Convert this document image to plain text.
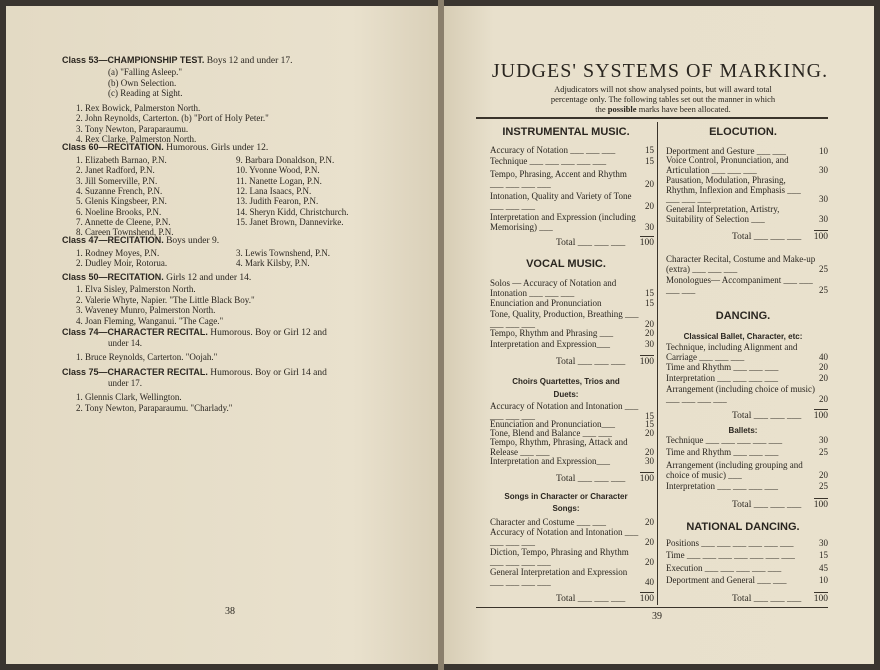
Class 53—CHAMPIONSHIP TEST. Boys 12 and under 17.
(a) "Falling Asleep."
(b) Own Selection.
(c) Reading at Sight.
1. Rex Bowick, Palmerston North.
2. John Reynolds, Carterton. (b) "Port of Holy Peter."
3. Tony Newton, Paraparaumu.
4. Rex Clarke, Palmerston North.
Class 60—RECITATION. Humorous. Girls under 12.
1. Elizabeth Barnao, P.N.
2. Janet Radford, P.N.
3. Jill Somerville, P.N.
4. Suzanne French, P.N.
5. Glenis Kingsbeer, P.N.
6. Noeline Brooks, P.N.
7. Annette de Cleene, P.N.
8. Careen Townshend, P.N.
9. Barbara Donaldson, P.N.
10. Yvonne Wood, P.N.
11. Nanette Logan, P.N.
12. Lana Isaacs, P.N.
13. Judith Fearon, P.N.
14. Sheryn Kidd, Christchurch.
15. Janet Brown, Dannevirke.
Class 47—RECITATION. Boys under 9.
1. Rodney Moyes, P.N.
2. Dudley Moir, Rotorua.
3. Lewis Townshend, P.N.
4. Mark Kilsby, P.N.
Class 50—RECITATION. Girls 12 and under 14.
1. Elva Sisley, Palmerston North.
2. Valerie Whyte, Napier. "The Little Black Boy."
3. Waveney Munro, Palmerston North.
4. Joan Fleming, Wanganui. "The Cage."
Class 74—CHARACTER RECITAL. Humorous. Boy or Girl 12 and
under 14.
1. Bruce Reynolds, Carterton. "Oojah."
Class 75—CHARACTER RECITAL. Humorous. Boy or Girl 14 and
under 17.
1. Glennis Clark, Wellington.
2. Tony Newton, Paraparaumu. "Charlady."
38
JUDGES' SYSTEMS OF MARKING.
Adjudicators will not show analysed points, but will award total
percentage only. The following tables set out the manner in which
the possible marks have been allocated.
INSTRUMENTAL MUSIC.
Accuracy of Notation ___ ___ ___	15
Technique ___ ___ ___ ___ ___	15
Tempo, Phrasing, Accent and Rhythm ___ ___ ___ ___	20
Intonation, Quality and Variety of Tone ___ ___ ___	20
Interpretation and Expression (including Memorising) ___	30
Total ___ ___ ___ 100
VOCAL MUSIC.
Solos — Accuracy of Notation and Intonation ___ ___ ___	15
Enunciation and Pronunciation	15
Tone, Quality, Production, Breathing ___ ___ ___ ___	20
Tempo, Rhythm and Phrasing ___	20
Interpretation and Expression___	30
Total ___ ___ ___ 100
Choirs Quartettes, Trios and
Duets:
Accuracy of Notation and Intonation ___ ___ ___ ___	15
Enunciation and Pronunciation___	15
Tone, Blend and Balance ___ ___	20
Tempo, Rhythm, Phrasing, Attack and Release ___ ___	20
Interpretation and Expression___	30
Total ___ ___ ___ 100
Songs in Character or Character
Songs:
Character and Costume ___ ___	20
Accuracy of Notation and Intonation ___ ___ ___ ___	20
Diction, Tempo, Phrasing and Rhythm ___ ___ ___ ___	20
General Interpretation and Expression ___ ___ ___ ___	40
Total ___ ___ ___ 100
ELOCUTION.
Deportment and Gesture ___ ___	10
Voice Control, Pronunciation, and Articulation ___ ___ ___	30
Pausation, Modulation, Phrasing, Rhythm, Inflexion and Emphasis ___ ___ ___ ___	30
General Interpretation, Artistry, Suitability of Selection ___	30
Total ___ ___ ___ 100
Character Recital, Costume and Make-up (extra) ___ ___ ___	25
Monologues— Accompaniment ___ ___ ___ ___	25
DANCING.
Classical Ballet, Character, etc:
Technique, including Alignment and Carriage ___ ___ ___	40
Time and Rhythm ___ ___ ___	20
Interpretation ___ ___ ___ ___	20
Arrangement (including choice of music) ___ ___ ___ ___	20
Total ___ ___ ___ 100
Ballets:
Technique ___ ___ ___ ___ ___	30
Time and Rhythm ___ ___ ___	25
Arrangement (including grouping and choice of music) ___	20
Interpretation ___ ___ ___ ___	25
Total ___ ___ ___ 100
NATIONAL DANCING.
Positions ___ ___ ___ ___ ___ ___	30
Time ___ ___ ___ ___ ___ ___ ___	15
Execution ___ ___ ___ ___ ___	45
Deportment and General ___ ___	10
Total ___ ___ ___ 100
39
